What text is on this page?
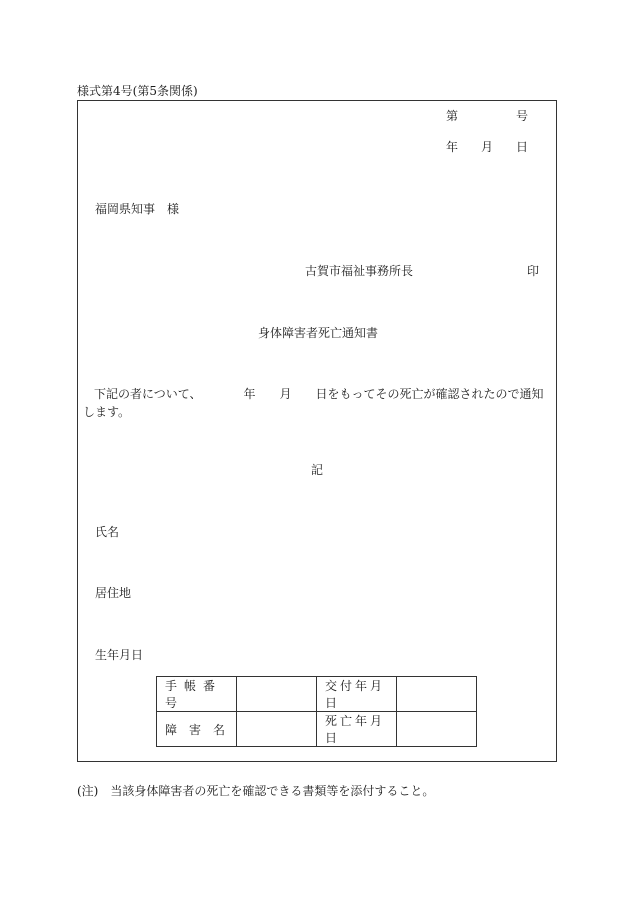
様式第4号(第5条関係)
第	号
年 月 日
福岡県知事　様
古賀市福祉事務所長	印
身体障害者死亡通知書
下記の者について、　　　　年　　月　　日をもってその死亡が確認されたので通知します。
記
氏名
居住地
生年月日
手帳番号		交付年月日	
障　害　名		死亡年月日	
(注)　当該身体障害者の死亡を確認できる書類等を添付すること。
